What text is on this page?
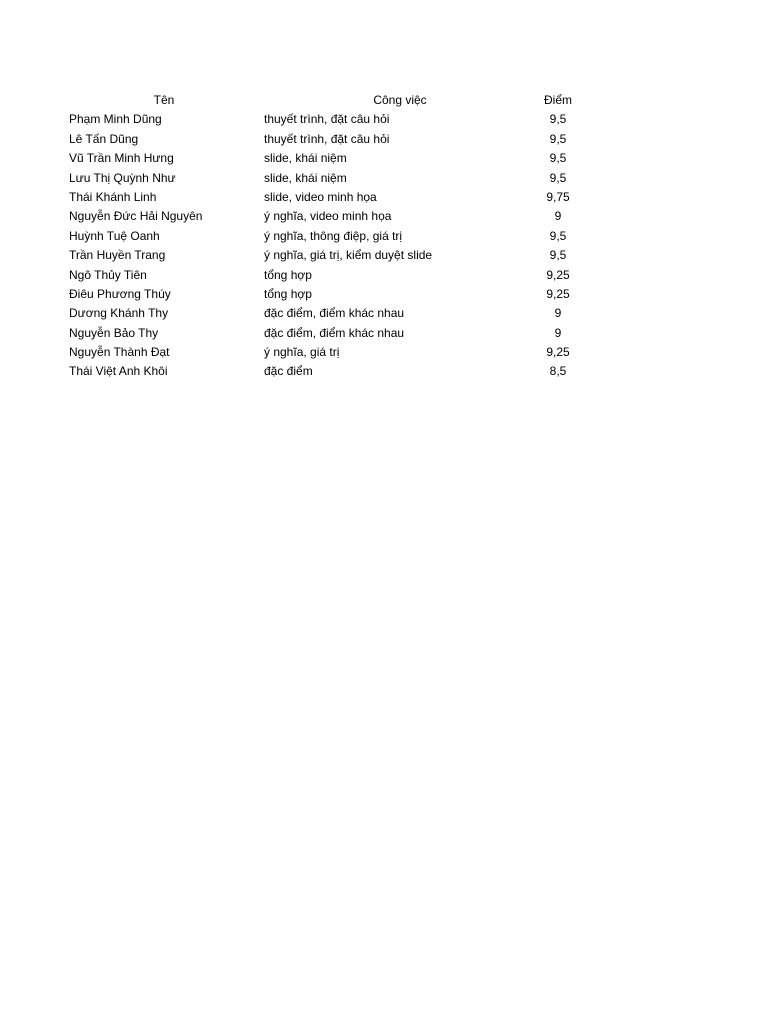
Tên	Công việc	Điểm
Phạm Minh Dũng	thuyết trình, đặt câu hỏi	9,5
Lê Tấn Dũng	thuyết trình, đặt câu hỏi	9,5
Vũ Trần Minh Hưng	slide, khái niệm	9,5
Lưu Thị Quỳnh Như	slide, khái niệm	9,5
Thái Khánh Linh	slide, video minh họa	9,75
Nguyễn Đức Hải Nguyên	ý nghĩa, video minh họa	9
Huỳnh Tuệ Oanh	ý nghĩa, thông điệp, giá trị	9,5
Trần Huyền Trang	ý nghĩa, giá trị, kiểm duyệt slide	9,5
Ngô Thủy Tiên	tổng hợp	9,25
Điêu Phương Thúy	tổng hợp	9,25
Dương Khánh Thy	đặc điểm, điểm khác nhau	9
Nguyễn Bảo Thy	đặc điểm, điểm khác nhau	9
Nguyễn Thành Đạt	ý nghĩa, giá trị	9,25
Thái Việt Anh Khôi	đặc điểm	8,5
